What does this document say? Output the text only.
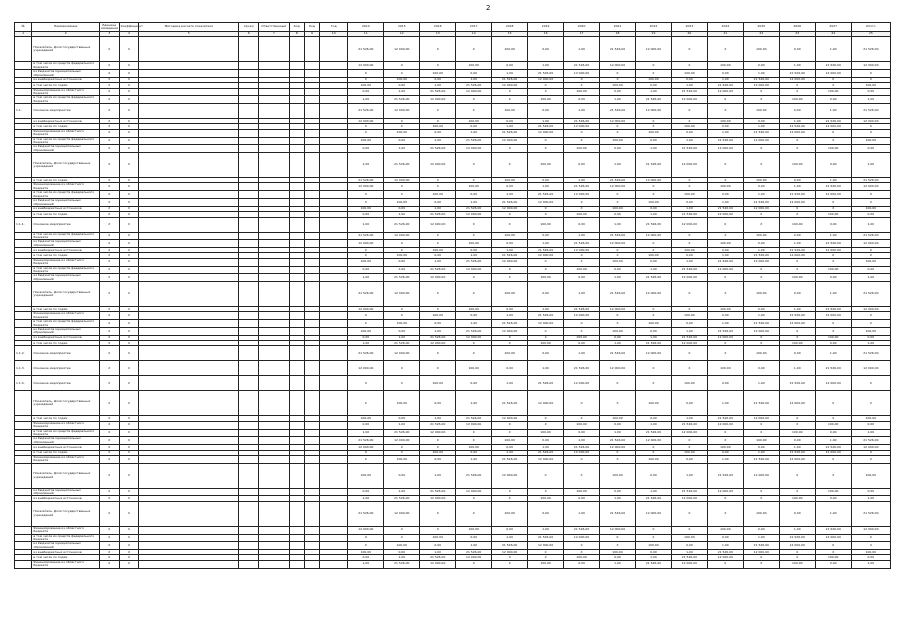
2
№	Наименование	Единица измерения	Коэффициент	Методика расчета показателя	Сроки	Ответственный	Код	Код	Год	2014	2015	2016	2017	2018	2019	2020	2021	2022	2023	2024	2025	2026	2027	Итого
1	2	3	4	5	6	7	8	9	10	11	12	13	14	15	16	17	18	19	20	21	22	23	24	25
	Показатель. Доля государственных учреждений	X	X							21 526,00	12 000,00	0	X	100,00	0,00	1,00	21 526,00	12 000,00	0	X	100,00	0,00	1,00	21 526,00
	в том числе из средств федерального бюджета	X	X							12 000,00	0	X	100,00	0,00	1,00	21 526,00	12 000,00	0	X	100,00	0,00	1,00	21 526,00	12 000,00
	из бюджетов муниципальных образований	X	X							0	X	100,00	0,00	1,00	21 526,00	12 000,00	0	X	100,00	0,00	1,00	21 526,00	12 000,00	0
	из внебюджетных источников	X	X							X	100,00	0,00	1,00	21 526,00	12 000,00	0	X	100,00	0,00	1,00	21 526,00	12 000,00	0	X
	в том числе по годам	X	X							100,00	0,00	1,00	21 526,00	12 000,00	0	X	100,00	0,00	1,00	21 526,00	12 000,00	0	X	100,00
	Финансирование из областного бюджета	X	X							0,00	1,00	21 526,00	12 000,00	0	X	100,00	0,00	1,00	21 526,00	12 000,00	0	X	100,00	0,00
	в том числе из средств федерального бюджета	X	X							1,00	21 526,00	12 000,00	0	X	100,00	0,00	1,00	21 526,00	12 000,00	0	X	100,00	0,00	1,00
1.1.	Основное мероприятие	X	X							21 526,00	12 000,00	0	X	100,00	0,00	1,00	21 526,00	12 000,00	0	X	100,00	0,00	1,00	21 526,00
	из внебюджетных источников	X	X							12 000,00	0	X	100,00	0,00	1,00	21 526,00	12 000,00	0	X	100,00	0,00	1,00	21 526,00	12 000,00
	в том числе по годам	X	X							0	X	100,00	0,00	1,00	21 526,00	12 000,00	0	X	100,00	0,00	1,00	21 526,00	12 000,00	0
	Финансирование из областного бюджета	X	X							X	100,00	0,00	1,00	21 526,00	12 000,00	0	X	100,00	0,00	1,00	21 526,00	12 000,00	0	X
	в том числе из средств федерального бюджета	X	X							100,00	0,00	1,00	21 526,00	12 000,00	0	X	100,00	0,00	1,00	21 526,00	12 000,00	0	X	100,00
	из бюджетов муниципальных образований	X	X							0,00	1,00	21 526,00	12 000,00	0	X	100,00	0,00	1,00	21 526,00	12 000,00	0	X	100,00	0,00
	Показатель. Доля государственных учреждений	X	X							1,00	21 526,00	12 000,00	0	X	100,00	0,00	1,00	21 526,00	12 000,00	0	X	100,00	0,00	1,00
	в том числе по годам	X	X							21 526,00	12 000,00	0	X	100,00	0,00	1,00	21 526,00	12 000,00	0	X	100,00	0,00	1,00	21 526,00
	Финансирование из областного бюджета	X	X							12 000,00	0	X	100,00	0,00	1,00	21 526,00	12 000,00	0	X	100,00	0,00	1,00	21 526,00	12 000,00
	в том числе из средств федерального бюджета	X	X							0	X	100,00	0,00	1,00	21 526,00	12 000,00	0	X	100,00	0,00	1,00	21 526,00	12 000,00	0
	из бюджетов муниципальных образований	X	X							X	100,00	0,00	1,00	21 526,00	12 000,00	0	X	100,00	0,00	1,00	21 526,00	12 000,00	0	X
	из внебюджетных источников	X	X							100,00	0,00	1,00	21 526,00	12 000,00	0	X	100,00	0,00	1,00	21 526,00	12 000,00	0	X	100,00
	в том числе по годам	X	X							0,00	1,00	21 526,00	12 000,00	0	X	100,00	0,00	1,00	21 526,00	12 000,00	0	X	100,00	0,00
1.1.1.	Основное мероприятие	X	X							1,00	21 526,00	12 000,00	0	X	100,00	0,00	1,00	21 526,00	12 000,00	0	X	100,00	0,00	1,00
	в том числе из средств федерального бюджета	X	X							21 526,00	12 000,00	0	X	100,00	0,00	1,00	21 526,00	12 000,00	0	X	100,00	0,00	1,00	21 526,00
	из бюджетов муниципальных образований	X	X							12 000,00	0	X	100,00	0,00	1,00	21 526,00	12 000,00	0	X	100,00	0,00	1,00	21 526,00	12 000,00
	из внебюджетных источников	X	X							0	X	100,00	0,00	1,00	21 526,00	12 000,00	0	X	100,00	0,00	1,00	21 526,00	12 000,00	0
	в том числе по годам	X	X							X	100,00	0,00	1,00	21 526,00	12 000,00	0	X	100,00	0,00	1,00	21 526,00	12 000,00	0	X
	Финансирование из областного бюджета	X	X							100,00	0,00	1,00	21 526,00	12 000,00	0	X	100,00	0,00	1,00	21 526,00	12 000,00	0	X	100,00
	в том числе из средств федерального бюджета	X	X							0,00	1,00	21 526,00	12 000,00	0	X	100,00	0,00	1,00	21 526,00	12 000,00	0	X	100,00	0,00
	из бюджетов муниципальных образований	X	X							1,00	21 526,00	12 000,00	0	X	100,00	0,00	1,00	21 526,00	12 000,00	0	X	100,00	0,00	1,00
	Показатель. Доля государственных учреждений	X	X							21 526,00	12 000,00	0	X	100,00	0,00	1,00	21 526,00	12 000,00	0	X	100,00	0,00	1,00	21 526,00
	в том числе по годам	X	X							12 000,00	0	X	100,00	0,00	1,00	21 526,00	12 000,00	0	X	100,00	0,00	1,00	21 526,00	12 000,00
	Финансирование из областного бюджета	X	X							0	X	100,00	0,00	1,00	21 526,00	12 000,00	0	X	100,00	0,00	1,00	21 526,00	12 000,00	0
	в том числе из средств федерального бюджета	X	X							X	100,00	0,00	1,00	21 526,00	12 000,00	0	X	100,00	0,00	1,00	21 526,00	12 000,00	0	X
	из бюджетов муниципальных образований	X	X							100,00	0,00	1,00	21 526,00	12 000,00	0	X	100,00	0,00	1,00	21 526,00	12 000,00	0	X	100,00
	из внебюджетных источников	X	X							0,00	1,00	21 526,00	12 000,00	0	X	100,00	0,00	1,00	21 526,00	12 000,00	0	X	100,00	0,00
	в том числе по годам	X	X							1,00	21 526,00	12 000,00	0	X	100,00	0,00	1,00	21 526,00	12 000,00	0	X	100,00	0,00	1,00
1.1.2.	Основное мероприятие	X	X							21 526,00	12 000,00	0	X	100,00	0,00	1,00	21 526,00	12 000,00	0	X	100,00	0,00	1,00	21 526,00
1.1.3.	Основное мероприятие	X	X							12 000,00	0	X	100,00	0,00	1,00	21 526,00	12 000,00	0	X	100,00	0,00	1,00	21 526,00	12 000,00
1.1.4.	Основное мероприятие	X	X							0	X	100,00	0,00	1,00	21 526,00	12 000,00	0	X	100,00	0,00	1,00	21 526,00	12 000,00	0
	Показатель. Доля государственных учреждений	X	X							X	100,00	0,00	1,00	21 526,00	12 000,00	0	X	100,00	0,00	1,00	21 526,00	12 000,00	0	X
	в том числе по годам	X	X							100,00	0,00	1,00	21 526,00	12 000,00	0	X	100,00	0,00	1,00	21 526,00	12 000,00	0	X	100,00
	Финансирование из областного бюджета	X	X							0,00	1,00	21 526,00	12 000,00	0	X	100,00	0,00	1,00	21 526,00	12 000,00	0	X	100,00	0,00
	в том числе из средств федерального бюджета	X	X							1,00	21 526,00	12 000,00	0	X	100,00	0,00	1,00	21 526,00	12 000,00	0	X	100,00	0,00	1,00
	из бюджетов муниципальных образований	X	X							21 526,00	12 000,00	0	X	100,00	0,00	1,00	21 526,00	12 000,00	0	X	100,00	0,00	1,00	21 526,00
	из внебюджетных источников	X	X							12 000,00	0	X	100,00	0,00	1,00	21 526,00	12 000,00	0	X	100,00	0,00	1,00	21 526,00	12 000,00
	в том числе по годам	X	X							0	X	100,00	0,00	1,00	21 526,00	12 000,00	0	X	100,00	0,00	1,00	21 526,00	12 000,00	0
	Финансирование из областного бюджета	X	X							X	100,00	0,00	1,00	21 526,00	12 000,00	0	X	100,00	0,00	1,00	21 526,00	12 000,00	0	X
	Показатель. Доля государственных учреждений	X	X							100,00	0,00	1,00	21 526,00	12 000,00	0	X	100,00	0,00	1,00	21 526,00	12 000,00	0	X	100,00
	из бюджетов муниципальных образований	X	X							0,00	1,00	21 526,00	12 000,00	0	X	100,00	0,00	1,00	21 526,00	12 000,00	0	X	100,00	0,00
	из внебюджетных источников	X	X							1,00	21 526,00	12 000,00	0	X	100,00	0,00	1,00	21 526,00	12 000,00	0	X	100,00	0,00	1,00
	Показатель. Доля государственных учреждений	X	X							21 526,00	12 000,00	0	X	100,00	0,00	1,00	21 526,00	12 000,00	0	X	100,00	0,00	1,00	21 526,00
	Финансирование из областного бюджета	X	X							12 000,00	0	X	100,00	0,00	1,00	21 526,00	12 000,00	0	X	100,00	0,00	1,00	21 526,00	12 000,00
	в том числе из средств федерального бюджета	X	X							0	X	100,00	0,00	1,00	21 526,00	12 000,00	0	X	100,00	0,00	1,00	21 526,00	12 000,00	0
	из бюджетов муниципальных образований	X	X							X	100,00	0,00	1,00	21 526,00	12 000,00	0	X	100,00	0,00	1,00	21 526,00	12 000,00	0	X
	из внебюджетных источников	X	X							100,00	0,00	1,00	21 526,00	12 000,00	0	X	100,00	0,00	1,00	21 526,00	12 000,00	0	X	100,00
	в том числе по годам	X	X							0,00	1,00	21 526,00	12 000,00	0	X	100,00	0,00	1,00	21 526,00	12 000,00	0	X	100,00	0,00
	Финансирование из областного бюджета	X	X							1,00	21 526,00	12 000,00	0	X	100,00	0,00	1,00	21 526,00	12 000,00	0	X	100,00	0,00	1,00
